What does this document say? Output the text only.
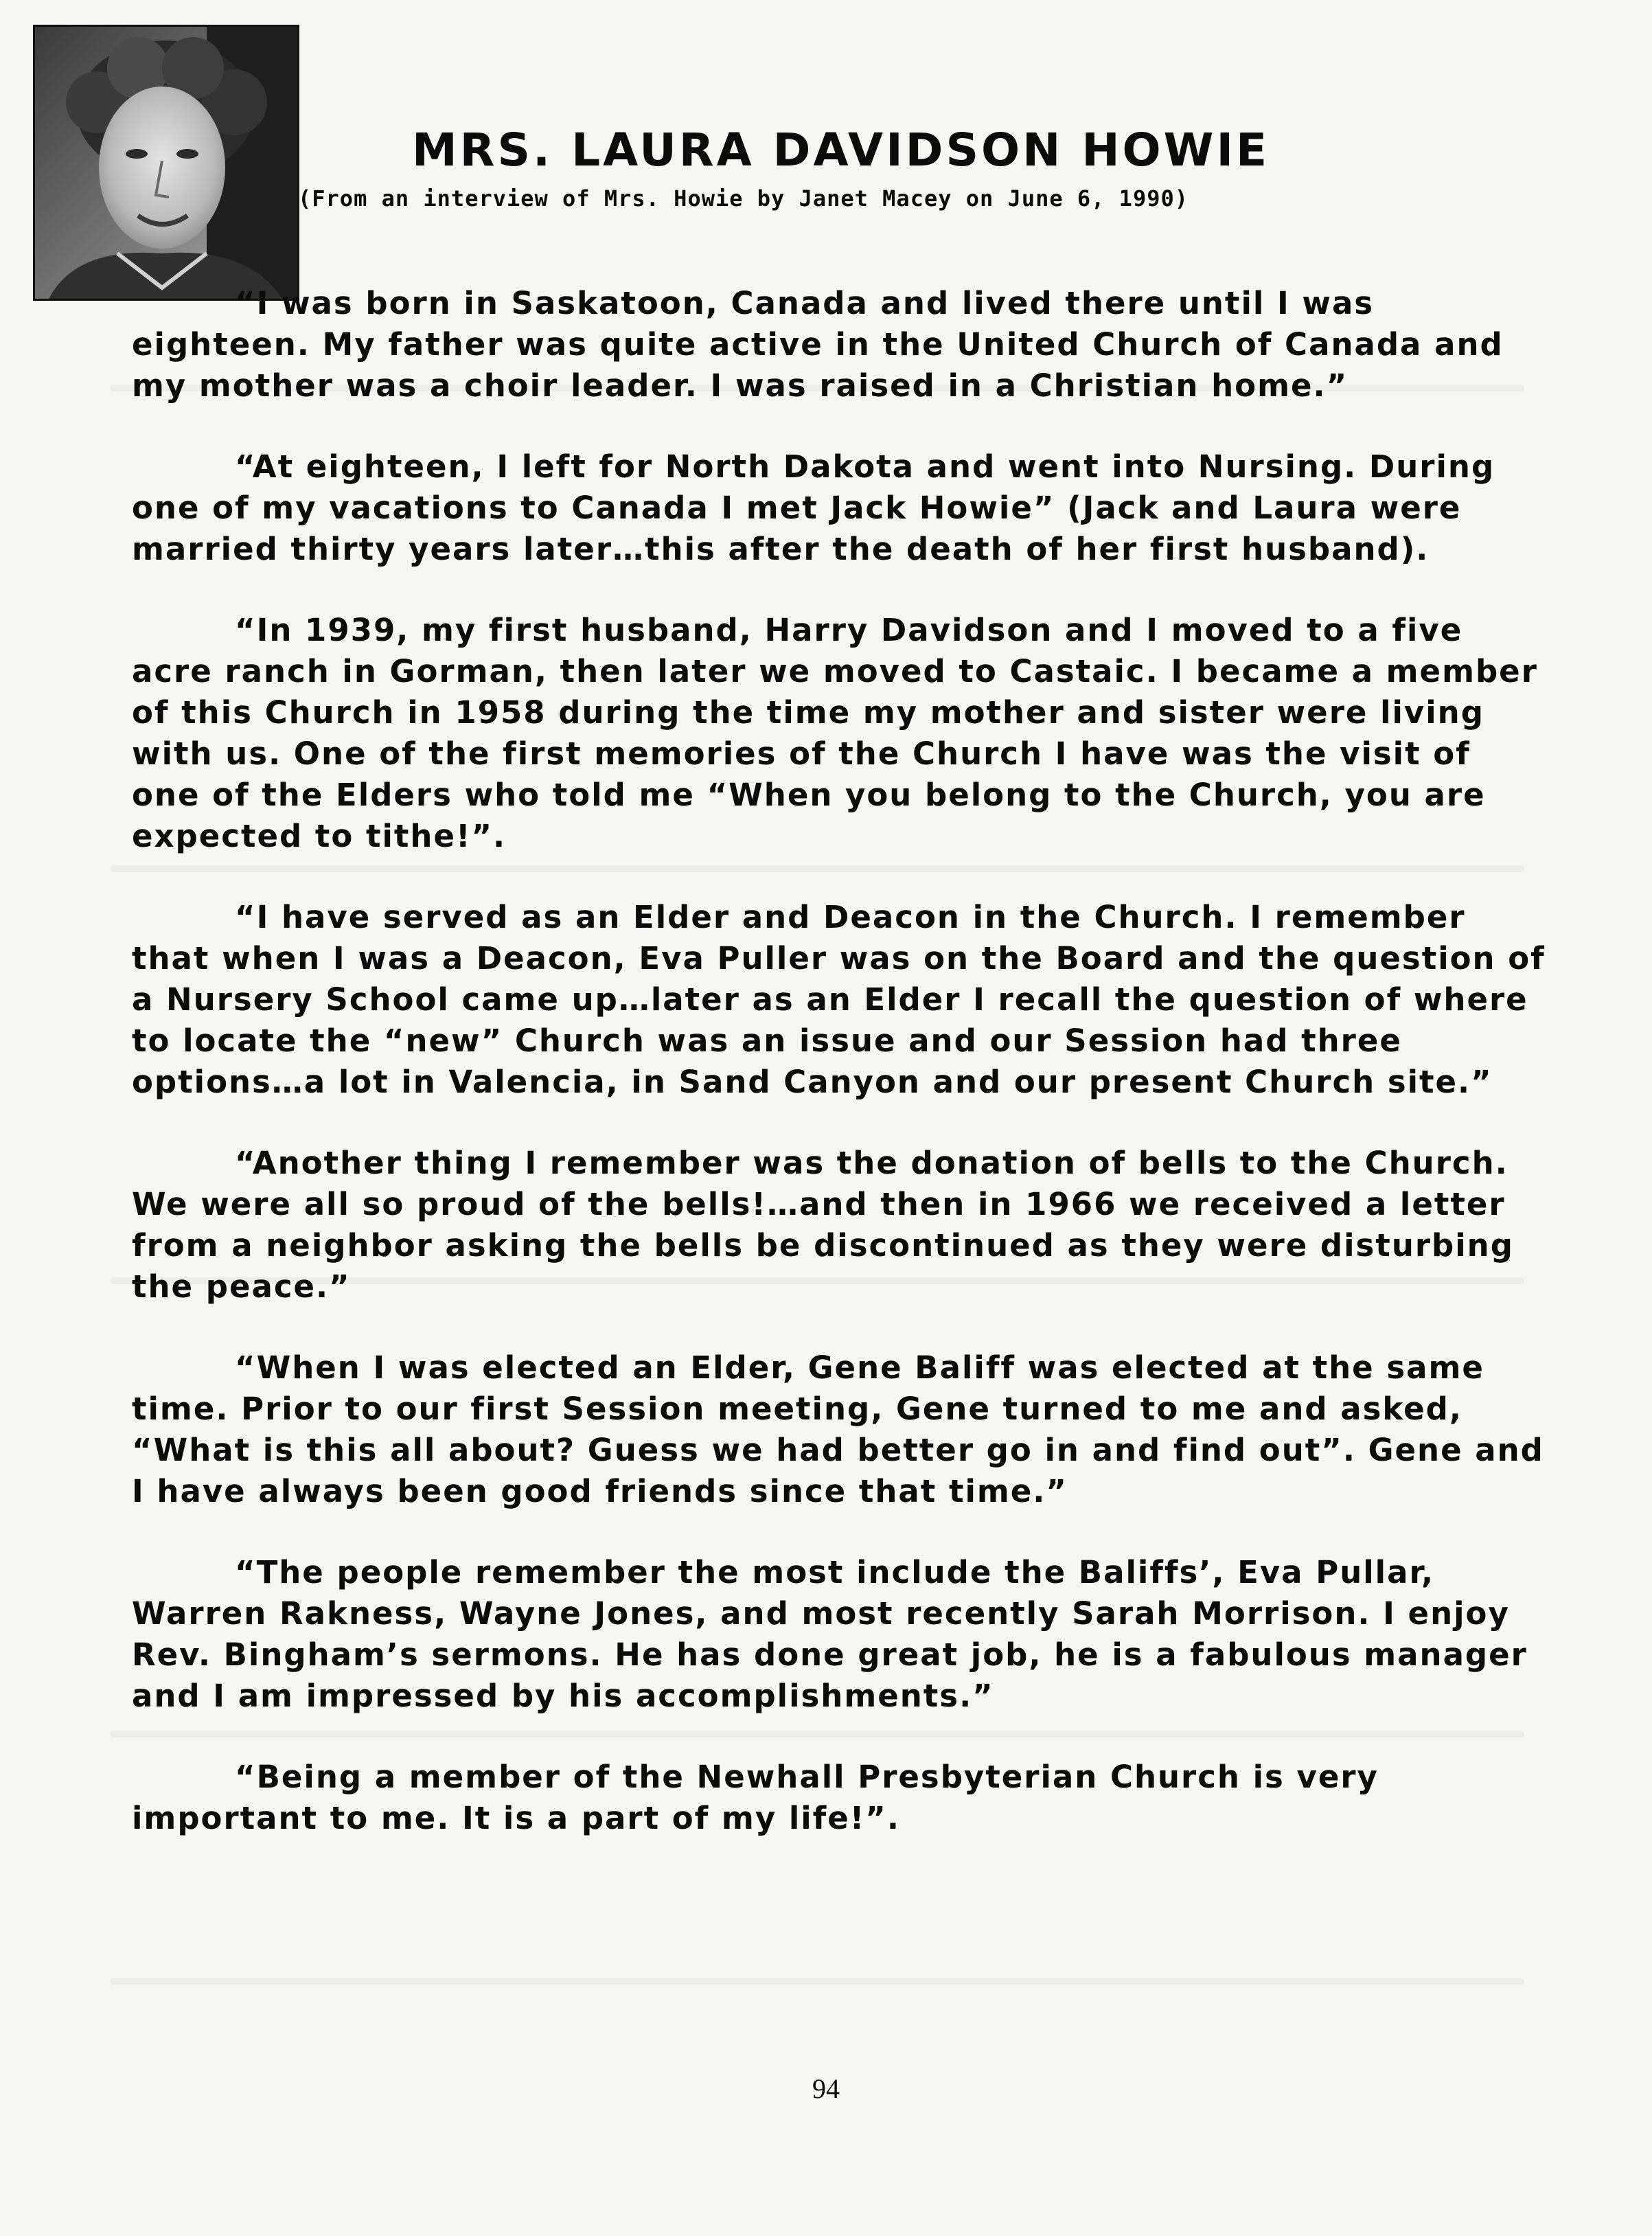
MRS. LAURA DAVIDSON HOWIE
(From an interview of Mrs. Howie by Janet Macey on June 6, 1990)

“I was born in Saskatoon, Canada and lived there until I was eighteen. My father was quite active in the United Church of Canada and my mother was a choir leader. I was raised in a Christian home.”

“At eighteen, I left for North Dakota and went into Nursing. During one of my vacations to Canada I met Jack Howie” (Jack and Laura were married thirty years later…this after the death of her first husband).

“In 1939, my first husband, Harry Davidson and I moved to a five acre ranch in Gorman, then later we moved to Castaic. I became a member of this Church in 1958 during the time my mother and sister were living with us. One of the first memories of the Church I have was the visit of one of the Elders who told me “When you belong to the Church, you are expected to tithe!”.

“I have served as an Elder and Deacon in the Church. I remember that when I was a Deacon, Eva Puller was on the Board and the question of a Nursery School came up…later as an Elder I recall the question of where to locate the “new” Church was an issue and our Session had three options…a lot in Valencia, in Sand Canyon and our present Church site.”

“Another thing I remember was the donation of bells to the Church. We were all so proud of the bells!…and then in 1966 we received a letter from a neighbor asking the bells be discontinued as they were disturbing the peace.”

“When I was elected an Elder, Gene Baliff was elected at the same time. Prior to our first Session meeting, Gene turned to me and asked, “What is this all about? Guess we had better go in and find out”. Gene and I have always been good friends since that time.”

“The people remember the most include the Baliffs’, Eva Pullar, Warren Rakness, Wayne Jones, and most recently Sarah Morrison. I enjoy Rev. Bingham’s sermons. He has done great job, he is a fabulous manager and I am impressed by his accomplishments.”

“Being a member of the Newhall Presbyterian Church is very important to me. It is a part of my life!”.

94
